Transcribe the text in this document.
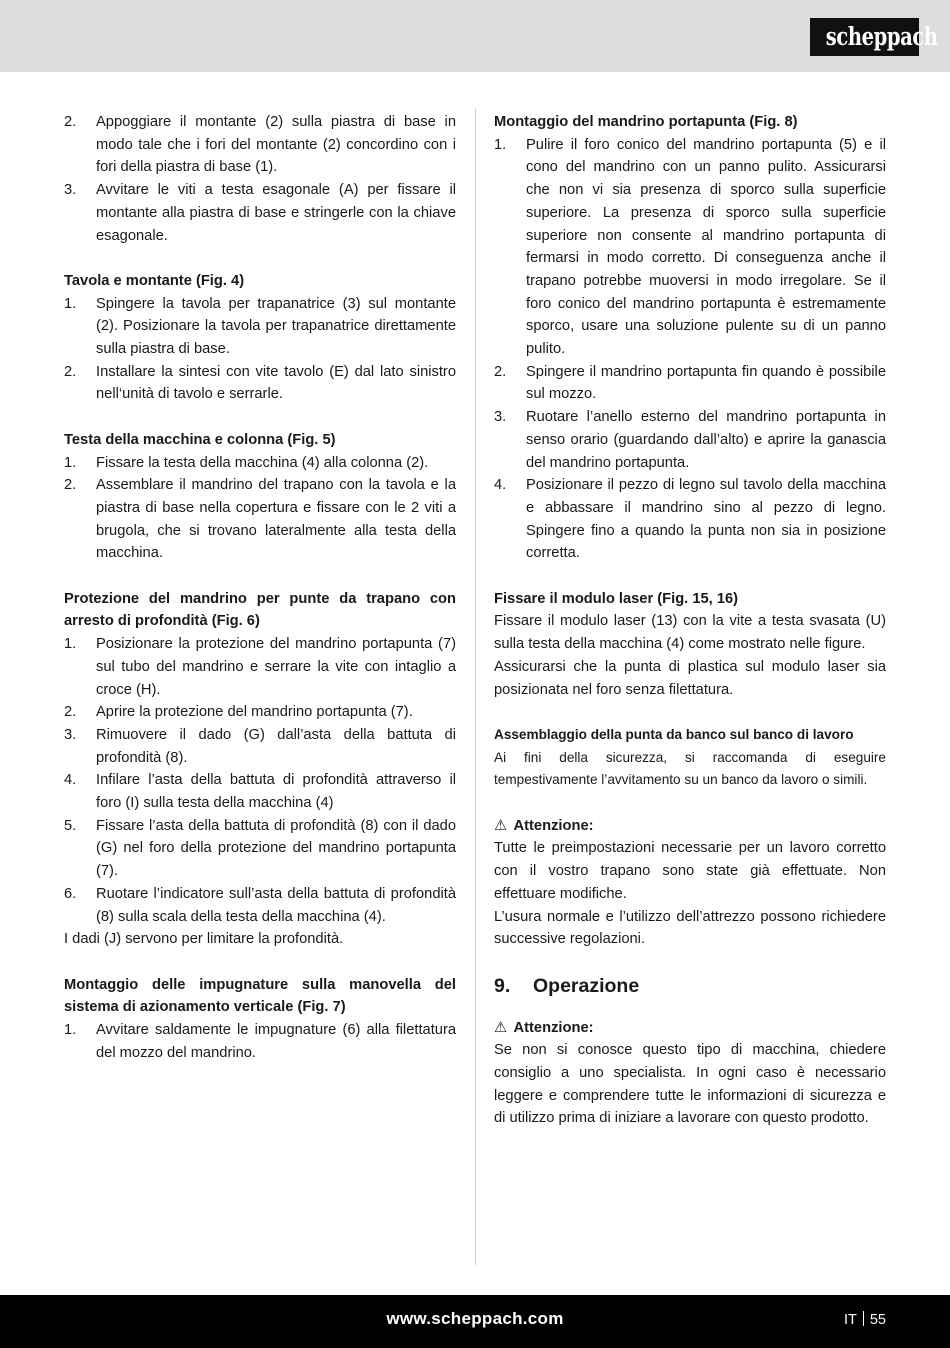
scheppach
2. Appoggiare il montante (2) sulla piastra di base in modo tale che i fori del montante (2) concordino con i fori della piastra di base (1).
3. Avvitare le viti a testa esagonale (A) per fissare il montante alla piastra di base e stringerle con la chiave esagonale.
Tavola e montante (Fig. 4)
1. Spingere la tavola per trapanatrice (3) sul montante (2). Posizionare la tavola per trapanatrice direttamente sulla piastra di base.
2. Installare la sintesi con vite tavolo (E) dal lato sinistro nell‘unità di tavolo e serrarle.
Testa della macchina e colonna (Fig. 5)
1. Fissare la testa della macchina (4) alla colonna (2).
2. Assemblare il mandrino del trapano con la tavola e la piastra di base nella copertura e fissare con le 2 viti a brugola, che si trovano lateralmente alla testa della macchina.
Protezione del mandrino per punte da trapano con arresto di profondità (Fig. 6)
1. Posizionare la protezione del mandrino portapunta (7) sul tubo del mandrino e serrare la vite con intaglio a croce (H).
2. Aprire la protezione del mandrino portapunta (7).
3. Rimuovere il dado (G) dall’asta della battuta di profondità (8).
4. Infilare l’asta della battuta di profondità attraverso il foro (I) sulla testa della macchina (4)
5. Fissare l’asta della battuta di profondità (8) con il dado (G) nel foro della protezione del mandrino portapunta (7).
6. Ruotare l’indicatore sull’asta della battuta di profondità (8) sulla scala della testa della macchina (4).

I dadi (J) servono per limitare la profondità.

Montaggio delle impugnature sulla manovella del sistema di azionamento verticale (Fig. 7)
1. Avvitare saldamente le impugnature (6) alla filettatura del mozzo del mandrino.
Montaggio del mandrino portapunta (Fig. 8)
1. Pulire il foro conico del mandrino portapunta (5) e il cono del mandrino con un panno pulito. Assicurarsi che non vi sia presenza di sporco sulla superficie superiore. La presenza di sporco sulla superficie superiore non consente al mandrino portapunta di fermarsi in modo corretto. Di conseguenza anche il trapano potrebbe muoversi in modo irregolare. Se il foro conico del mandrino portapunta è estremamente sporco, usare una soluzione pulente su di un panno pulito.
2. Spingere il mandrino portapunta fin quando è possibile sul mozzo.
3. Ruotare l’anello esterno del mandrino portapunta in senso orario (guardando dall’alto) e aprire la ganascia del mandrino portapunta.
4. Posizionare il pezzo di legno sul tavolo della macchina e abbassare il mandrino sino al pezzo di legno. Spingere fino a quando la punta non sia in posizione corretta.
Fissare il modulo laser (Fig. 15, 16)

Fissare il modulo laser (13) con la vite a testa svasata (U) sulla testa della macchina (4) come mostrato nelle figure.

Assicurarsi che la punta di plastica sul modulo laser sia posizionata nel foro senza filettatura.

Assemblaggio della punta da banco sul banco di lavoro

Ai fini della sicurezza, si raccomanda di eseguire tempestivamente l’avvitamento su un banco da lavoro o simili.

⚠ Attenzione:

Tutte le preimpostazioni necessarie per un lavoro corretto con il vostro trapano sono state già effettuate. Non effettuare modifiche.

L’usura normale e l’utilizzo dell’attrezzo possono richiedere successive regolazioni.

9. Operazione
⚠ Attenzione:

Se non si conosce questo tipo di macchina, chiedere consiglio a uno specialista. In ogni caso è necessario leggere e comprendere tutte le informazioni di sicurezza e di utilizzo prima di iniziare a lavorare con questo prodotto.

www.scheppach.com	IT 55
